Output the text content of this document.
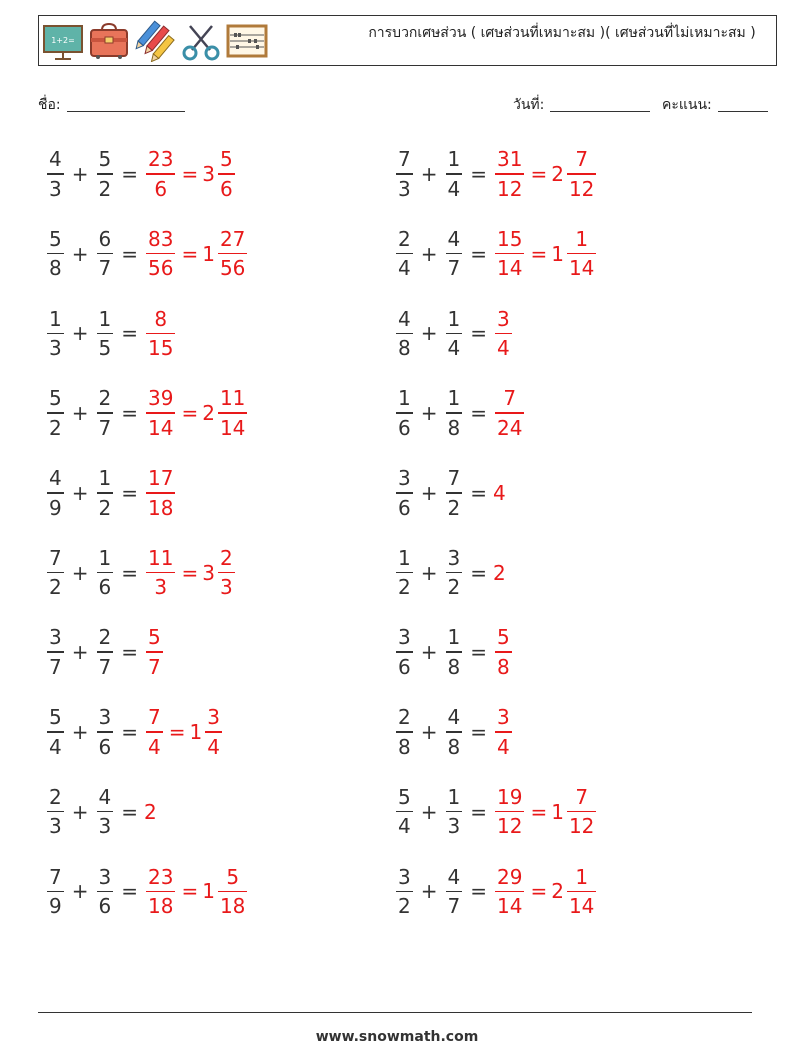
1+2=	การบวกเศษส่วน ( เศษส่วนที่เหมาะสม )( เศษส่วนที่ไม่เหมาะสม )
ชื่อ:	วันที่:	คะแนน:
$\frac{4}{3} + \frac{5}{2} = \frac{23}{6} = 3 \frac{5}{6}$	$\frac{7}{3} + \frac{1}{4} = \frac{31}{12} = 2 \frac{7}{12}$
$\frac{5}{8} + \frac{6}{7} = \frac{83}{56} = 1 \frac{27}{56}$	$\frac{2}{4} + \frac{4}{7} = \frac{15}{14} = 1 \frac{1}{14}$
$\frac{1}{3} + \frac{1}{5} = \frac{8}{15}$	$\frac{4}{8} + \frac{1}{4} = \frac{3}{4}$
$\frac{5}{2} + \frac{2}{7} = \frac{39}{14} = 2 \frac{11}{14}$	$\frac{1}{6} + \frac{1}{8} = \frac{7}{24}$
$\frac{4}{9} + \frac{1}{2} = \frac{17}{18}$	$\frac{3}{6} + \frac{7}{2} = 4$
$\frac{7}{2} + \frac{1}{6} = \frac{11}{3} = 3 \frac{2}{3}$	$\frac{1}{2} + \frac{3}{2} = 2$
$\frac{3}{7} + \frac{2}{7} = \frac{5}{7}$	$\frac{3}{6} + \frac{1}{8} = \frac{5}{8}$
$\frac{5}{4} + \frac{3}{6} = \frac{7}{4} = 1 \frac{3}{4}$	$\frac{2}{8} + \frac{4}{8} = \frac{3}{4}$
$\frac{2}{3} + \frac{4}{3} = 2$	$\frac{5}{4} + \frac{1}{3} = \frac{19}{12} = 1 \frac{7}{12}$
$\frac{7}{9} + \frac{3}{6} = \frac{23}{18} = 1 \frac{5}{18}$	$\frac{3}{2} + \frac{4}{7} = \frac{29}{14} = 2 \frac{1}{14}$
www.snowmath.com
